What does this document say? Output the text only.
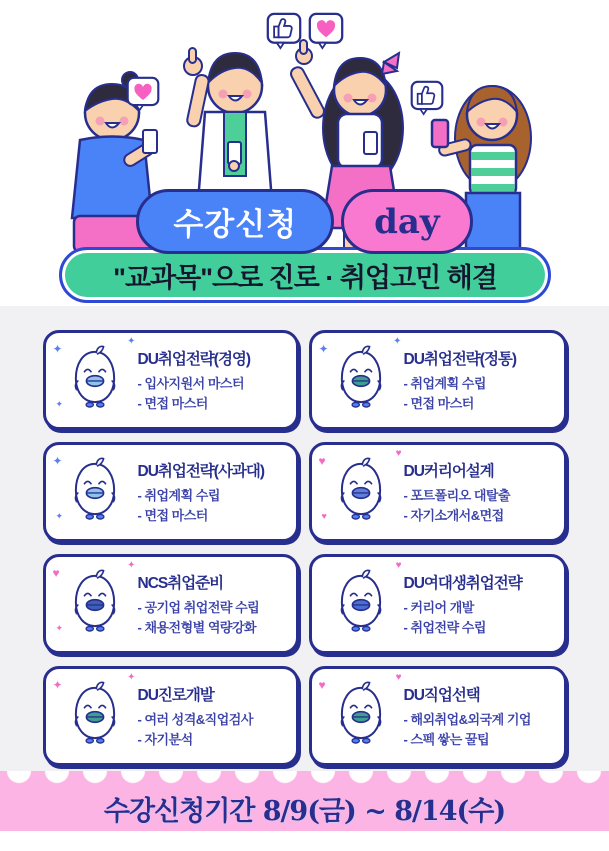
수강신청 day
"교과목"으로 진로 · 취업고민 해결
✦
✦
✦
DU취업전략(경영)
- 입사지원서 마스터
- 면접 마스터
✦
✦
DU취업전략(정통)
- 취업계획 수립
- 면접 마스터
✦
✦
DU취업전략(사과대)
- 취업계획 수립
- 면접 마스터
♥
♥
♥
DU커리어설계
- 포트폴리오 대탈출
- 자기소개서&면접
♥
✦
✦
NCS취업준비
- 공기업 취업전략 수립
- 채용전형별 역량강화
♥
DU여대생취업전략
- 커리어 개발
- 취업전략 수립
✦
✦
DU진로개발
- 여러 성격&직업검사
- 자기분석
♥
♥
DU직업선택
- 해외취업&외국계 기업
- 스펙 쌓는 꿀팁
수강신청기간 8/9(금) ~ 8/14(수)
